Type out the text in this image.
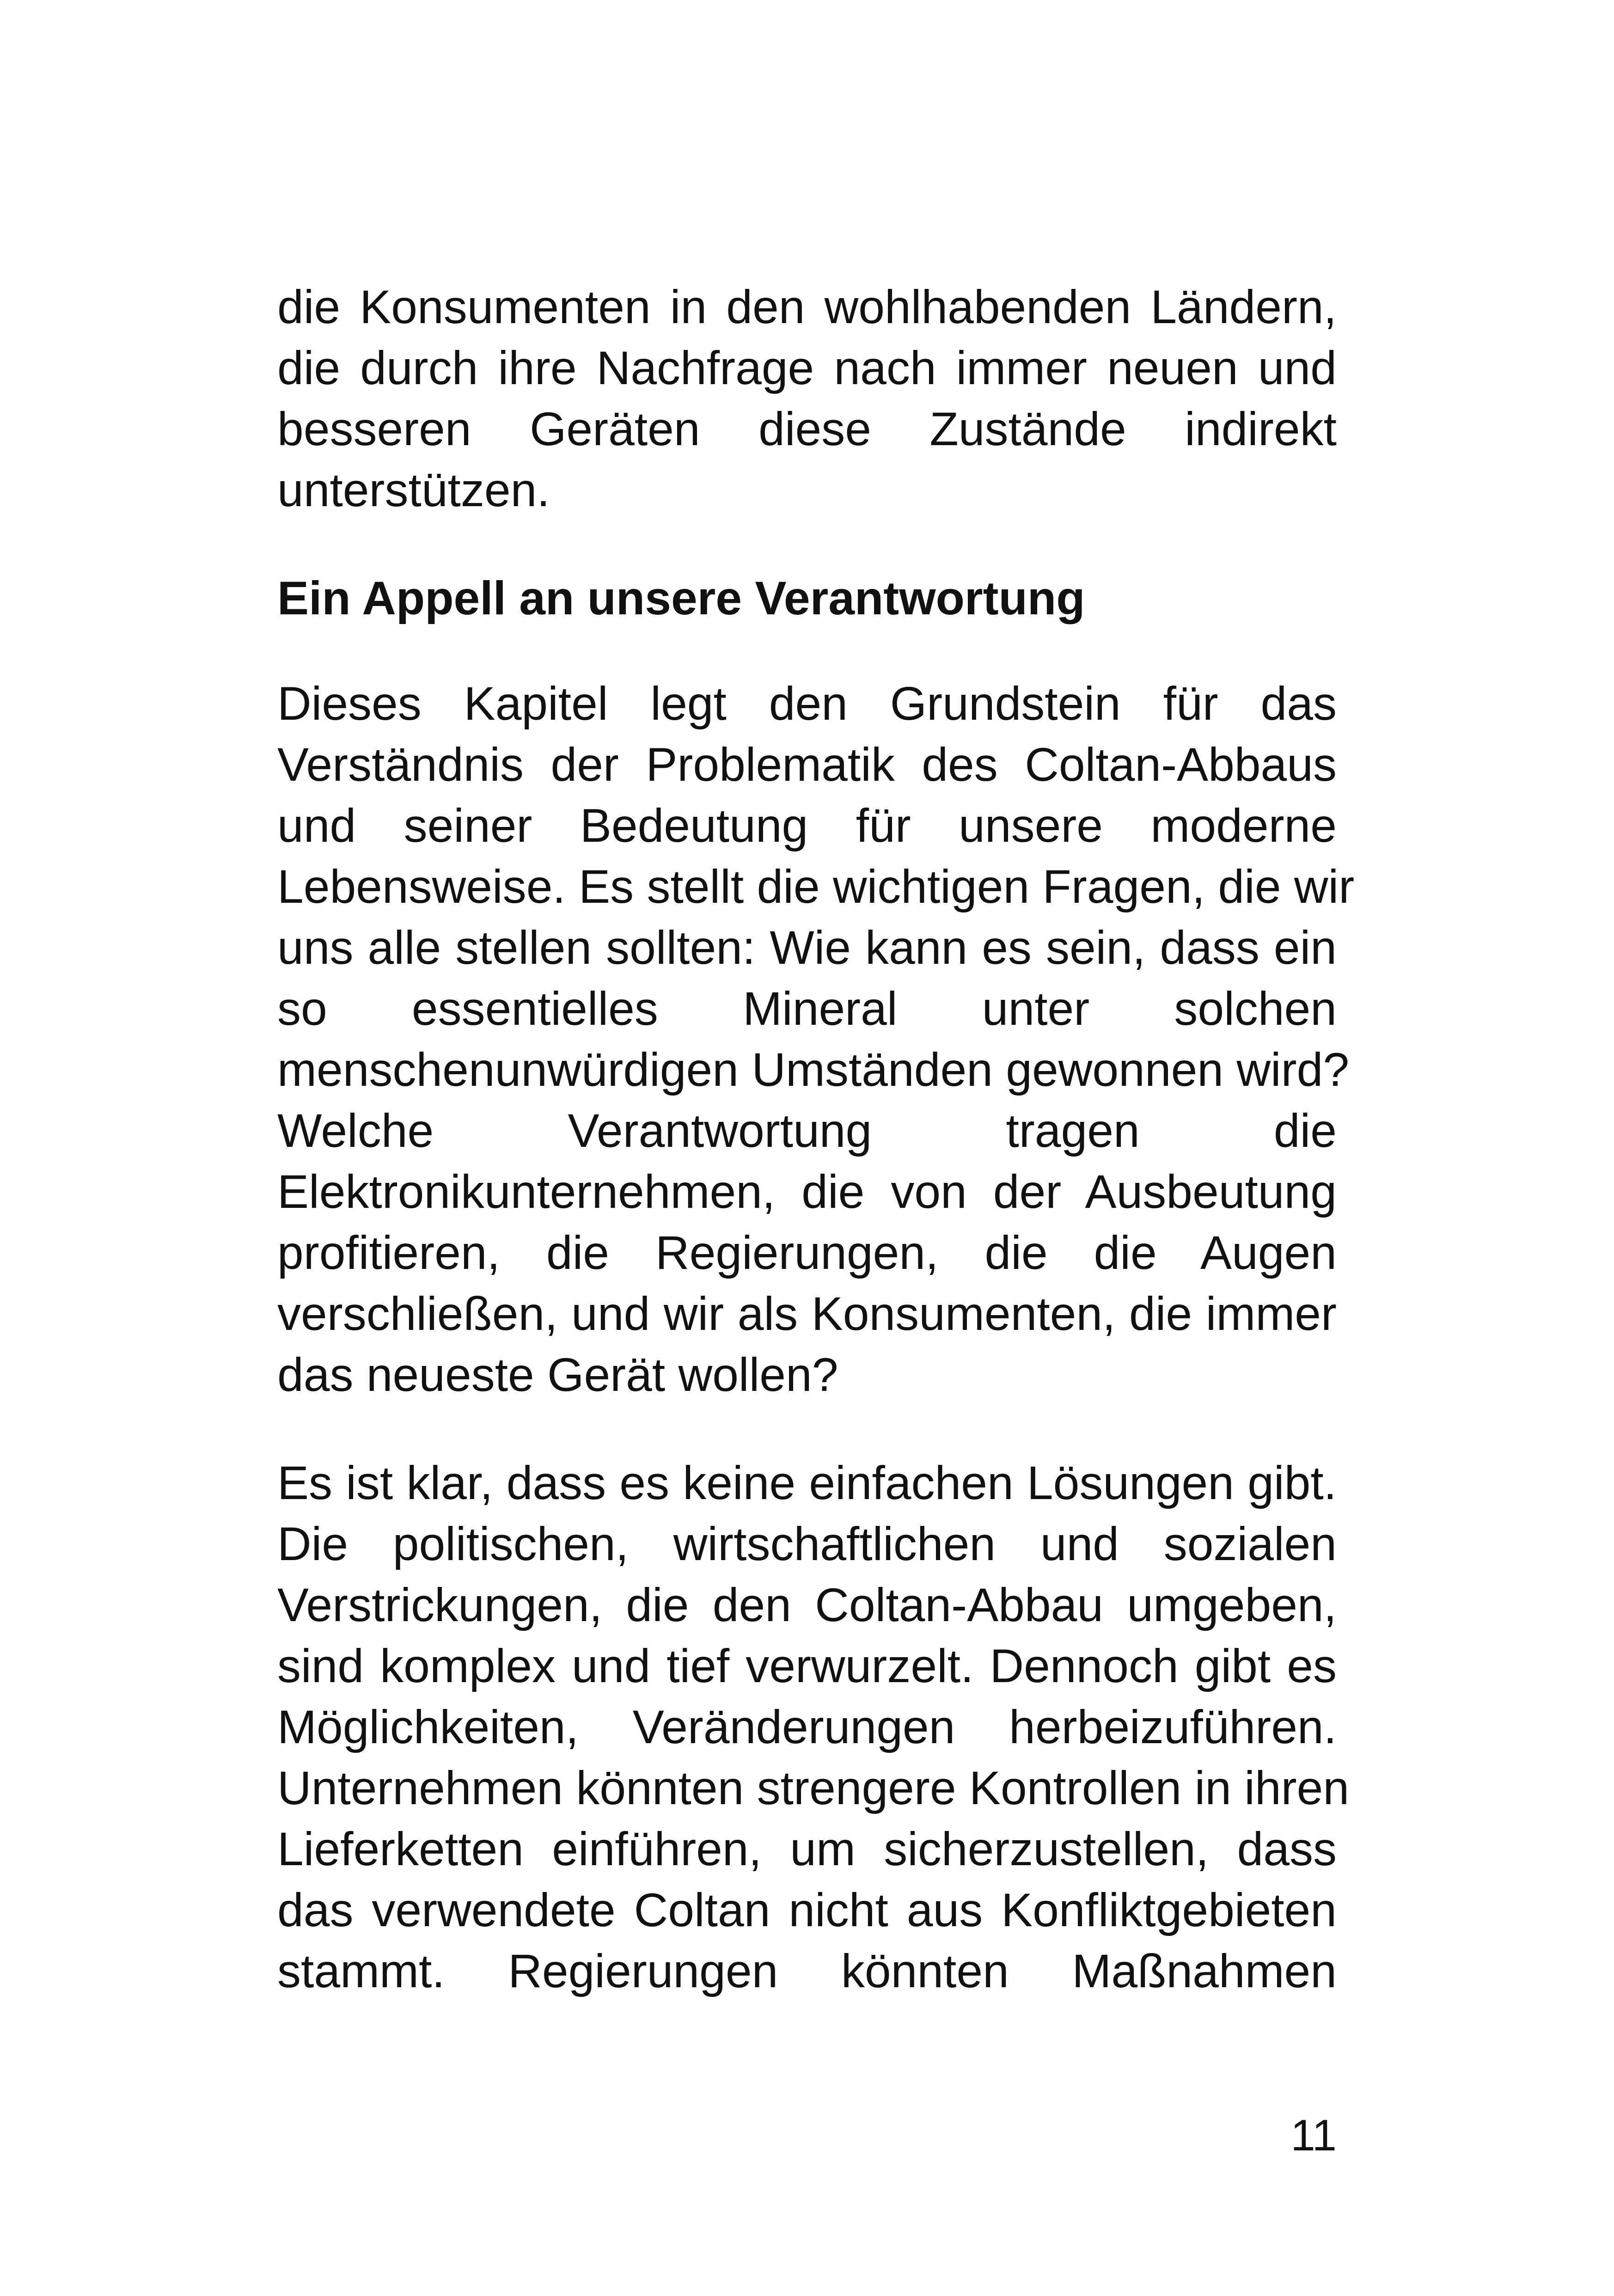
die Konsumenten in den wohlhabenden Ländern,
die durch ihre Nachfrage nach immer neuen und
besseren Geräten diese Zustände indirekt
unterstützen.
Ein Appell an unsere Verantwortung
Dieses Kapitel legt den Grundstein für das
Verständnis der Problematik des Coltan-Abbaus
und seiner Bedeutung für unsere moderne
Lebensweise. Es stellt die wichtigen Fragen, die wir
uns alle stellen sollten: Wie kann es sein, dass ein
so essentielles Mineral unter solchen
menschenunwürdigen Umständen gewonnen wird?
Welche Verantwortung tragen die
Elektronikunternehmen, die von der Ausbeutung
profitieren, die Regierungen, die die Augen
verschließen, und wir als Konsumenten, die immer
das neueste Gerät wollen?
Es ist klar, dass es keine einfachen Lösungen gibt.
Die politischen, wirtschaftlichen und sozialen
Verstrickungen, die den Coltan-Abbau umgeben,
sind komplex und tief verwurzelt. Dennoch gibt es
Möglichkeiten, Veränderungen herbeizuführen.
Unternehmen könnten strengere Kontrollen in ihren
Lieferketten einführen, um sicherzustellen, dass
das verwendete Coltan nicht aus Konfliktgebieten
stammt. Regierungen könnten Maßnahmen
11
